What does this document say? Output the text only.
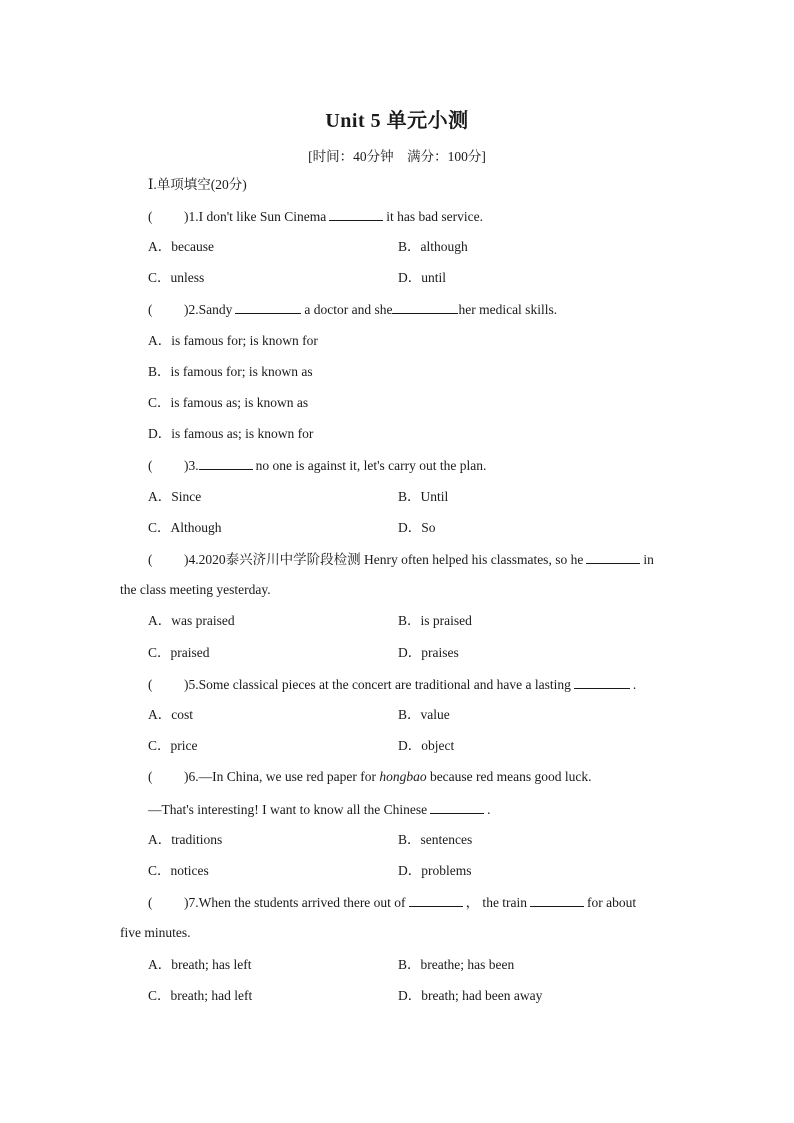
Unit 5 单元小测
[时间：40分钟　满分：100分]
Ⅰ.单项填空(20分)
( )1.I don't like Sun Cinema	it has bad service.
A．because	B．although
C．unless	D．until
( )2.Sandy	a doctor and she	her medical skills.
A．is famous for; is known for
B．is famous for; is known as
C．is famous as; is known as
D．is famous as; is known for
( )3.	no one is against it, let's carry out the plan.
A．Since	B．Until
C．Although	D．So
( )4.2020泰兴济川中学阶段检测 Henry often helped his classmates, so he	in
the class meeting yesterday.
A．was praised	B．is praised
C．praised	D．praises
( )5.Some classical pieces at the concert are traditional and have a lasting	.
A．cost	B．value
C．price	D．object
( )6.—In China, we use red paper for hongbao because red means good luck.
—That's interesting! I want to know all the Chinese	.
A．traditions	B．sentences
C．notices	D．problems
( )7.When the students arrived there out of	， the train	for about
five minutes.
A．breath; has left	B．breathe; has been
C．breath; had left	D．breath; had been away
